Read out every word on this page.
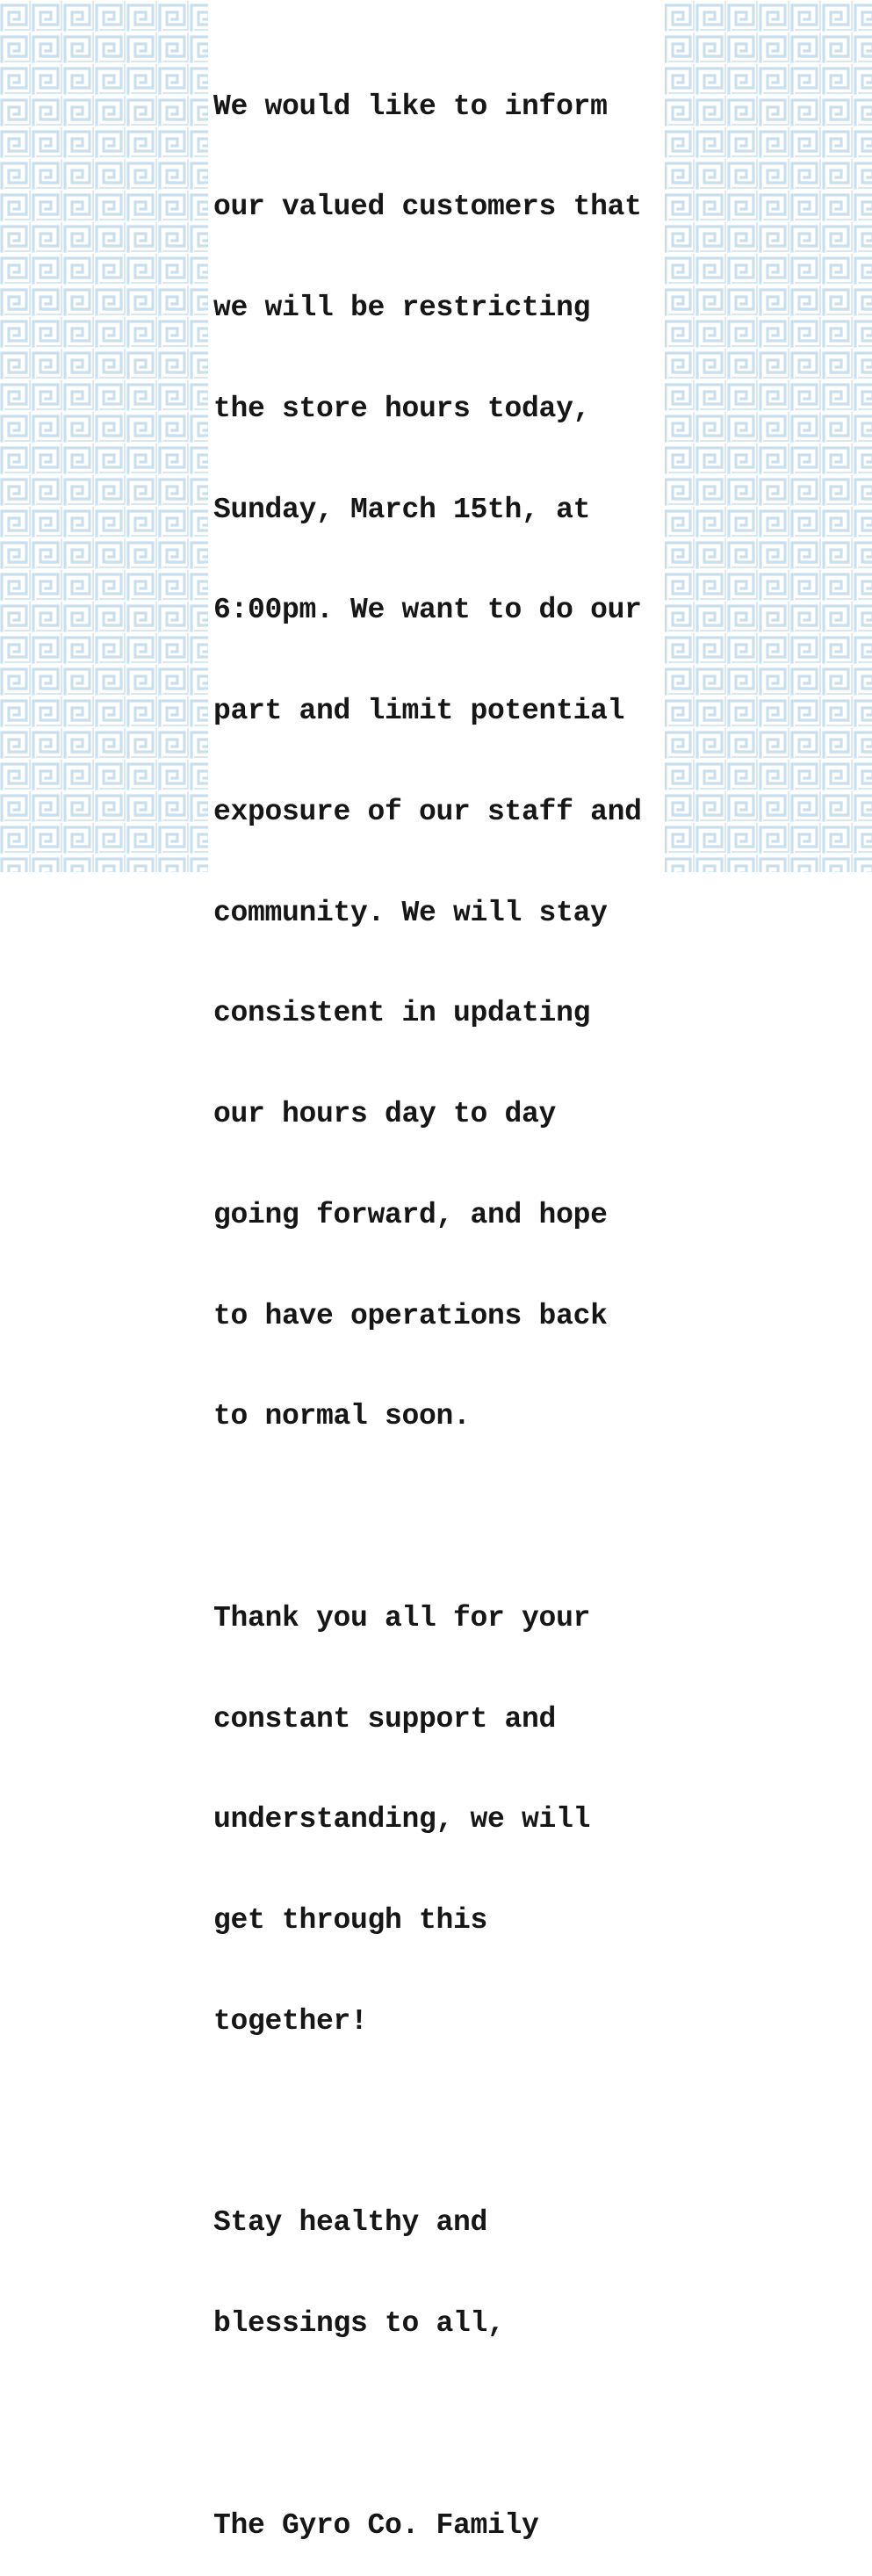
We would like to inform

our valued customers that

we will be restricting

the store hours today,

Sunday, March 15th, at

6:00pm. We want to do our

part and limit potential

exposure of our staff and

community. We will stay

consistent in updating

our hours day to day

going forward, and hope

to have operations back

to normal soon.

Thank you all for your

constant support and

understanding, we will

get through this

together!

Stay healthy and

blessings to all,

The Gyro Co. Family
